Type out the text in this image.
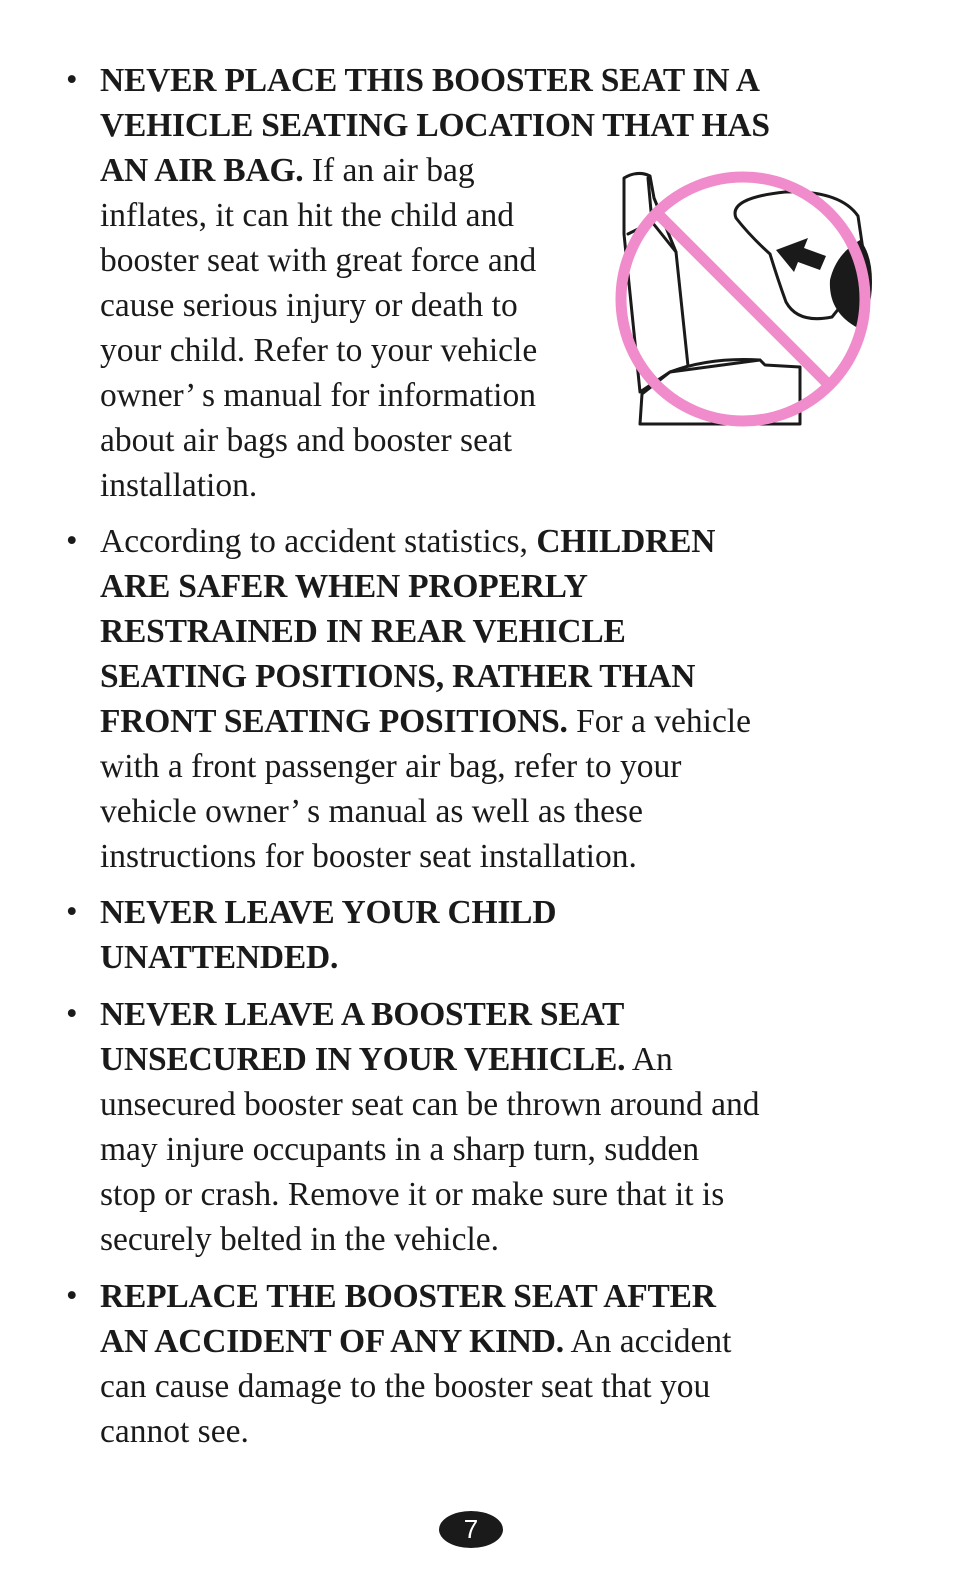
• NEVER PLACE THIS BOOSTER SEAT IN A
VEHICLE SEATING LOCATION THAT HAS
AN AIR BAG. If an air bag
inflates, it can hit the child and
booster seat with great force and
cause serious injury or death to
your child. Refer to your vehicle
owner’ s manual for information
about air bags and booster seat
installation.
• According to accident statistics, CHILDREN
ARE SAFER WHEN PROPERLY
RESTRAINED IN REAR VEHICLE
SEATING POSITIONS, RATHER THAN
FRONT SEATING POSITIONS. For a vehicle
with a front passenger air bag, refer to your
vehicle owner’ s manual as well as these
instructions for booster seat installation.
• NEVER LEAVE YOUR CHILD
UNATTENDED.
• NEVER LEAVE A BOOSTER SEAT
UNSECURED IN YOUR VEHICLE. An
unsecured booster seat can be thrown around and
may injure occupants in a sharp turn, sudden
stop or crash. Remove it or make sure that it is
securely belted in the vehicle.
• REPLACE THE BOOSTER SEAT AFTER
AN ACCIDENT OF ANY KIND. An accident
can cause damage to the booster seat that you
cannot see.
7
